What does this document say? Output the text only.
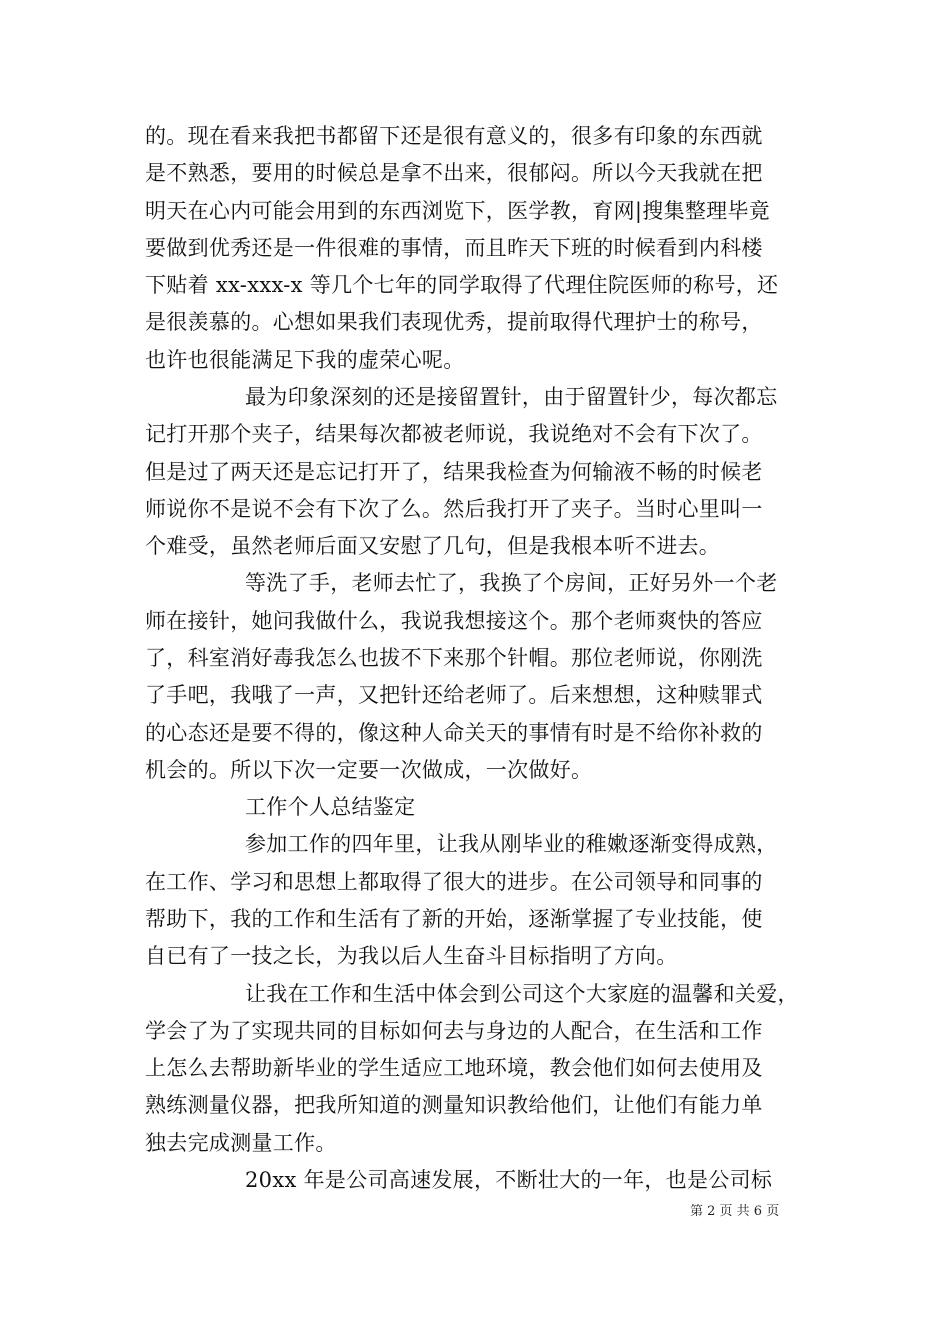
的。现在看来我把书都留下还是很有意义的，很多有印象的东西就
是不熟悉，要用的时候总是拿不出来，很郁闷。所以今天我就在把
明天在心内可能会用到的东西浏览下，医学教，育网|搜集整理毕竟
要做到优秀还是一件很难的事情，而且昨天下班的时候看到内科楼
下贴着 xx-xxx-x 等几个七年的同学取得了代理住院医师的称号，还
是很羡慕的。心想如果我们表现优秀，提前取得代理护士的称号，
也许也很能满足下我的虚荣心呢。
最为印象深刻的还是接留置针，由于留置针少，每次都忘
记打开那个夹子，结果每次都被老师说，我说绝对不会有下次了。
但是过了两天还是忘记打开了，结果我检查为何输液不畅的时候老
师说你不是说不会有下次了么。然后我打开了夹子。当时心里叫一
个难受，虽然老师后面又安慰了几句，但是我根本听不进去。
等洗了手，老师去忙了，我换了个房间，正好另外一个老
师在接针，她问我做什么，我说我想接这个。那个老师爽快的答应
了，科室消好毒我怎么也拔不下来那个针帽。那位老师说，你刚洗
了手吧，我哦了一声，又把针还给老师了。后来想想，这种赎罪式
的心态还是要不得的，像这种人命关天的事情有时是不给你补救的
机会的。所以下次一定要一次做成，一次做好。
工作个人总结鉴定
参加工作的四年里，让我从刚毕业的稚嫩逐渐变得成熟，
在工作、学习和思想上都取得了很大的进步。在公司领导和同事的
帮助下，我的工作和生活有了新的开始，逐渐掌握了专业技能，使
自已有了一技之长，为我以后人生奋斗目标指明了方向。
让我在工作和生活中体会到公司这个大家庭的温馨和关爱，
学会了为了实现共同的目标如何去与身边的人配合，在生活和工作
上怎么去帮助新毕业的学生适应工地环境，教会他们如何去使用及
熟练测量仪器，把我所知道的测量知识教给他们，让他们有能力单
独去完成测量工作。
20xx 年是公司高速发展，不断壮大的一年，也是公司标
第 2 页 共 6 页
